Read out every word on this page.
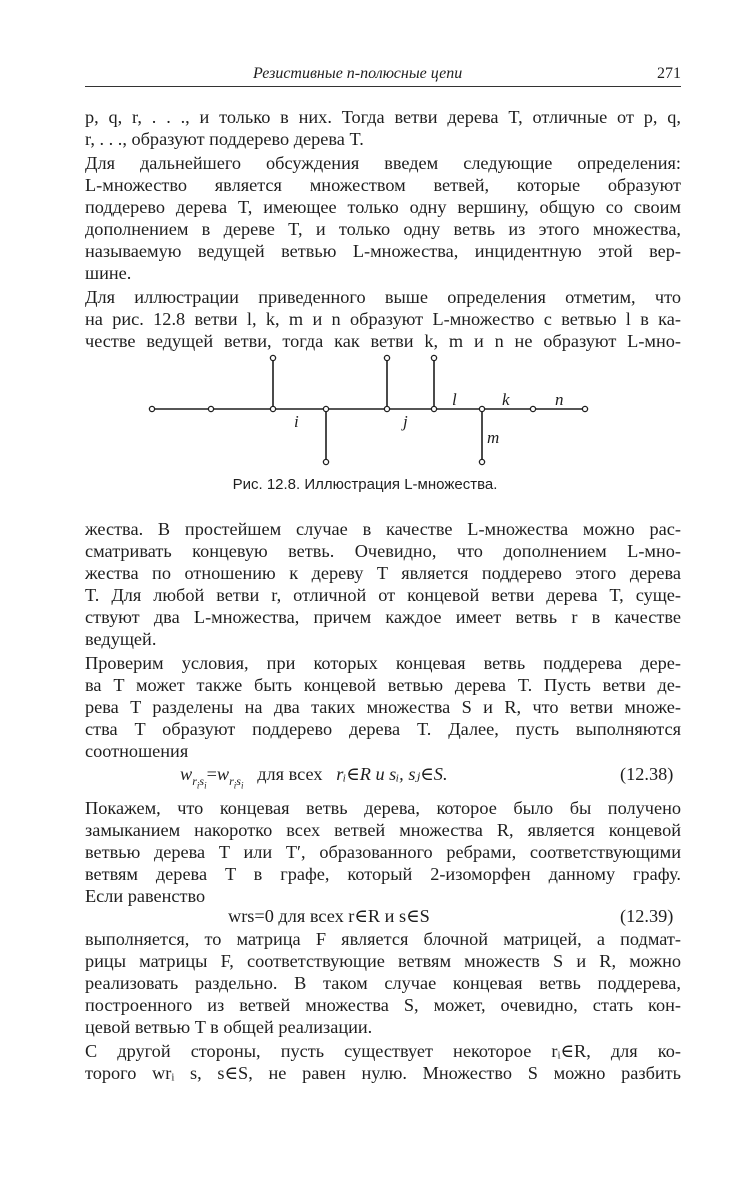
Резистивные n-полюсные цепи	271
p, q, r, . . ., и только в них. Тогда ветви дерева T, отличные от p, q,
r, . . ., образуют поддерево дерева T.
Для дальнейшего обсуждения введем следующие определения:
L-множество является множеством ветвей, которые образуют
поддерево дерева T, имеющее только одну вершину, общую со своим
дополнением в дереве T, и только одну ветвь из этого множества,
называемую ведущей ветвью L-множества, инцидентную этой вер-
шине.
Для иллюстрации приведенного выше определения отметим, что
на рис. 12.8 ветви l, k, m и n образуют L-множество с ветвью l в ка-
честве ведущей ветви, тогда как ветви k, m и n не образуют L-мно-
i	j
l	k	n
m
Рис. 12.8. Иллюстрация L-множества.
жества. В простейшем случае в качестве L-множества можно рас-
сматривать концевую ветвь. Очевидно, что дополнением L-мно-
жества по отношению к дереву T является поддерево этого дерева
T. Для любой ветви r, отличной от концевой ветви дерева T, суще-
ствуют два L-множества, причем каждое имеет ветвь r в качестве
ведущей.
Проверим условия, при которых концевая ветвь поддерева дере-
ва T может также быть концевой ветвью дерева T. Пусть ветви де-
рева T разделены на два таких множества S и R, что ветви множе-
ства T образуют поддерево дерева T. Далее, пусть выполняются
соотношения
$w_{r_is_i}=w_{r_is_i}$   для всех rᵢ∈R и sᵢ, sⱼ∈S.	(12.38)
Покажем, что концевая ветвь дерева, которое было бы получено
замыканием накоротко всех ветвей множества R, является концевой
ветвью дерева T или T′, образованного ребрами, соответствующими
ветвям дерева T в графе, который 2-изоморфен данному графу.
Если равенство
wrs=0 для всех r∈R и s∈S	(12.39)
выполняется, то матрица F является блочной матрицей, а подмат-
рицы матрицы F, соответствующие ветвям множеств S и R, можно
реализовать раздельно. В таком случае концевая ветвь поддерева,
построенного из ветвей множества S, может, очевидно, стать кон-
цевой ветвью T в общей реализации.
С другой стороны, пусть существует некоторое rᵢ∈R, для ко-
торого wrᵢ s, s∈S, не равен нулю. Множество S можно разбить
